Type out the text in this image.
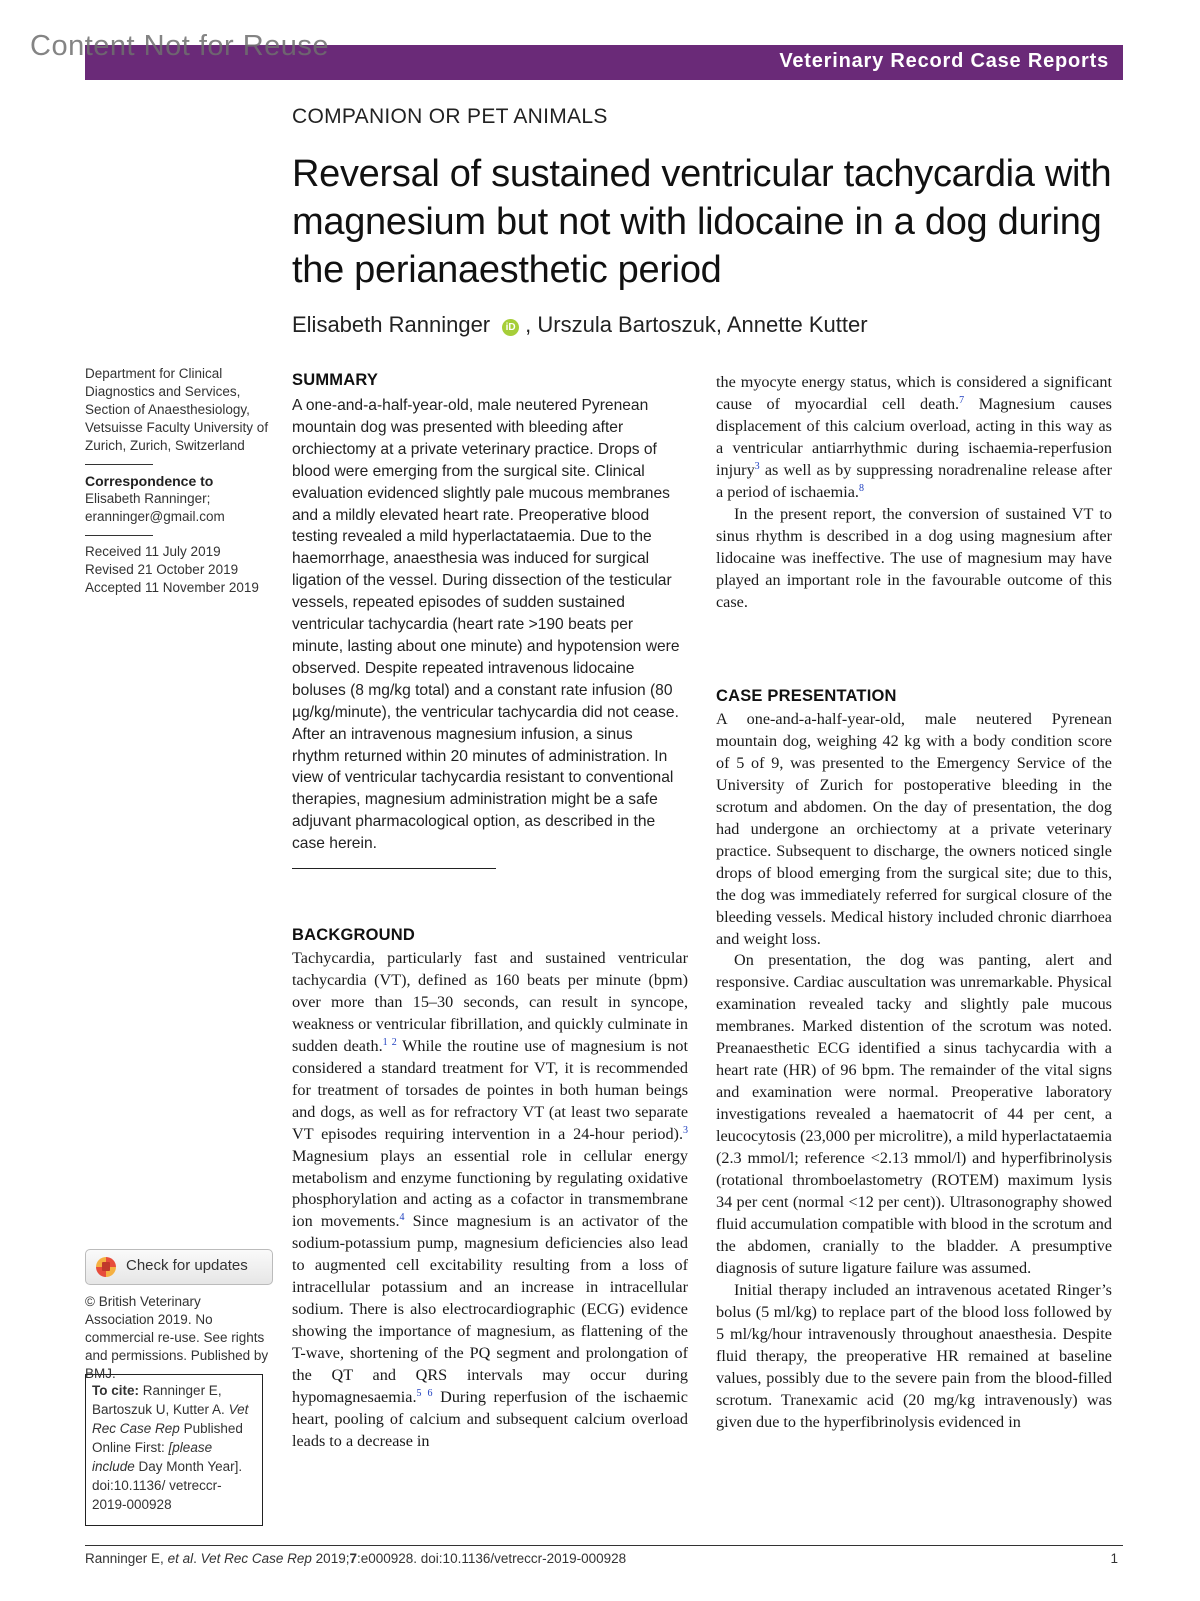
Content Not for Reuse	Veterinary Record Case Reports
COMPANION OR PET ANIMALS
Reversal of sustained ventricular tachycardia with magnesium but not with lidocaine in a dog during the perianaesthetic period
Elisabeth Ranninger iD , Urszula Bartoszuk, Annette Kutter
Department for Clinical Diagnostics and Services, Section of Anaesthesiology, Vetsuisse Faculty University of Zurich, Zurich, Switzerland
Correspondence to
Elisabeth Ranninger;
eranninger@gmail.com
Received 11 July 2019
Revised 21 October 2019
Accepted 11 November 2019
Check for updates
© British Veterinary Association 2019. No commercial re-use. See rights and permissions. Published by BMJ.
To cite: Ranninger E, Bartoszuk U, Kutter A. Vet Rec Case Rep Published Online First: [please include Day Month Year]. doi:10.1136/ vetreccr-2019-000928
SUMMARY
A one-and-a-half-year-old, male neutered Pyrenean mountain dog was presented with bleeding after orchiectomy at a private veterinary practice. Drops of blood were emerging from the surgical site. Clinical evaluation evidenced slightly pale mucous membranes and a mildly elevated heart rate. Preoperative blood testing revealed a mild hyperlactataemia. Due to the haemorrhage, anaesthesia was induced for surgical ligation of the vessel. During dissection of the testicular vessels, repeated episodes of sudden sustained ventricular tachycardia (heart rate >190 beats per minute, lasting about one minute) and hypotension were observed. Despite repeated intravenous lidocaine boluses (8 mg/kg total) and a constant rate infusion (80 µg/kg/minute), the ventricular tachycardia did not cease. After an intravenous magnesium infusion, a sinus rhythm returned within 20 minutes of administration. In view of ventricular tachycardia resistant to conventional therapies, magnesium administration might be a safe adjuvant pharmacological option, as described in the case herein.
BACKGROUND

Tachycardia, particularly fast and sustained ventricular tachycardia (VT), defined as 160 beats per minute (bpm) over more than 15–30 seconds, can result in syncope, weakness or ventricular fibrillation, and quickly culminate in sudden death.$^{1 2}$ While the routine use of magnesium is not considered a standard treatment for VT, it is recommended for treatment of torsades de pointes in both human beings and dogs, as well as for refractory VT (at least two separate VT episodes requiring intervention in a 24-hour period).$^3$ Magnesium plays an essential role in cellular energy metabolism and enzyme functioning by regulating oxidative phosphorylation and acting as a cofactor in transmembrane ion movements.$^4$ Since magnesium is an activator of the sodium-potassium pump, magnesium deficiencies also lead to augmented cell excitability resulting from a loss of intracellular potassium and an increase in intracellular sodium. There is also electrocardiographic (ECG) evidence showing the importance of magnesium, as flattening of the T-wave, shortening of the PQ segment and prolongation of the QT and QRS intervals may occur during hypomagnesaemia.$^{5 6}$ During reperfusion of the ischaemic heart, pooling of calcium and subsequent calcium overload leads to a decrease in

the myocyte energy status, which is considered a significant cause of myocardial cell death.$^7$ Magnesium causes displacement of this calcium overload, acting in this way as a ventricular antiarrhythmic during ischaemia-reperfusion injury$^3$ as well as by suppressing noradrenaline release after a period of ischaemia.$^8$

In the present report, the conversion of sustained VT to sinus rhythm is described in a dog using magnesium after lidocaine was ineffective. The use of magnesium may have played an important role in the favourable outcome of this case.

CASE PRESENTATION

A one-and-a-half-year-old, male neutered Pyrenean mountain dog, weighing 42 kg with a body condition score of 5 of 9, was presented to the Emergency Service of the University of Zurich for postoperative bleeding in the scrotum and abdomen. On the day of presentation, the dog had undergone an orchiectomy at a private veterinary practice. Subsequent to discharge, the owners noticed single drops of blood emerging from the surgical site; due to this, the dog was immediately referred for surgical closure of the bleeding vessels. Medical history included chronic diarrhoea and weight loss.

On presentation, the dog was panting, alert and responsive. Cardiac auscultation was unremarkable. Physical examination revealed tacky and slightly pale mucous membranes. Marked distention of the scrotum was noted. Preanaesthetic ECG identified a sinus tachycardia with a heart rate (HR) of 96 bpm. The remainder of the vital signs and examination were normal. Preoperative laboratory investigations revealed a haematocrit of 44 per cent, a leucocytosis (23,000 per microlitre), a mild hyperlactataemia (2.3 mmol/l; reference <2.13 mmol/l) and hyperfibrinolysis (rotational thromboelastometry (ROTEM) maximum lysis 34 per cent (normal <12 per cent)). Ultrasonography showed fluid accumulation compatible with blood in the scrotum and the abdomen, cranially to the bladder. A presumptive diagnosis of suture ligature failure was assumed.

Initial therapy included an intravenous acetated Ringer’s bolus (5 ml/kg) to replace part of the blood loss followed by 5 ml/kg/hour intravenously throughout anaesthesia. Despite fluid therapy, the preoperative HR remained at baseline values, possibly due to the severe pain from the blood-filled scrotum. Tranexamic acid (20 mg/kg intravenously) was given due to the hyperfibrinolysis evidenced in

Ranninger E, et al. Vet Rec Case Rep 2019;7:e000928. doi:10.1136/vetreccr-2019-000928	1
